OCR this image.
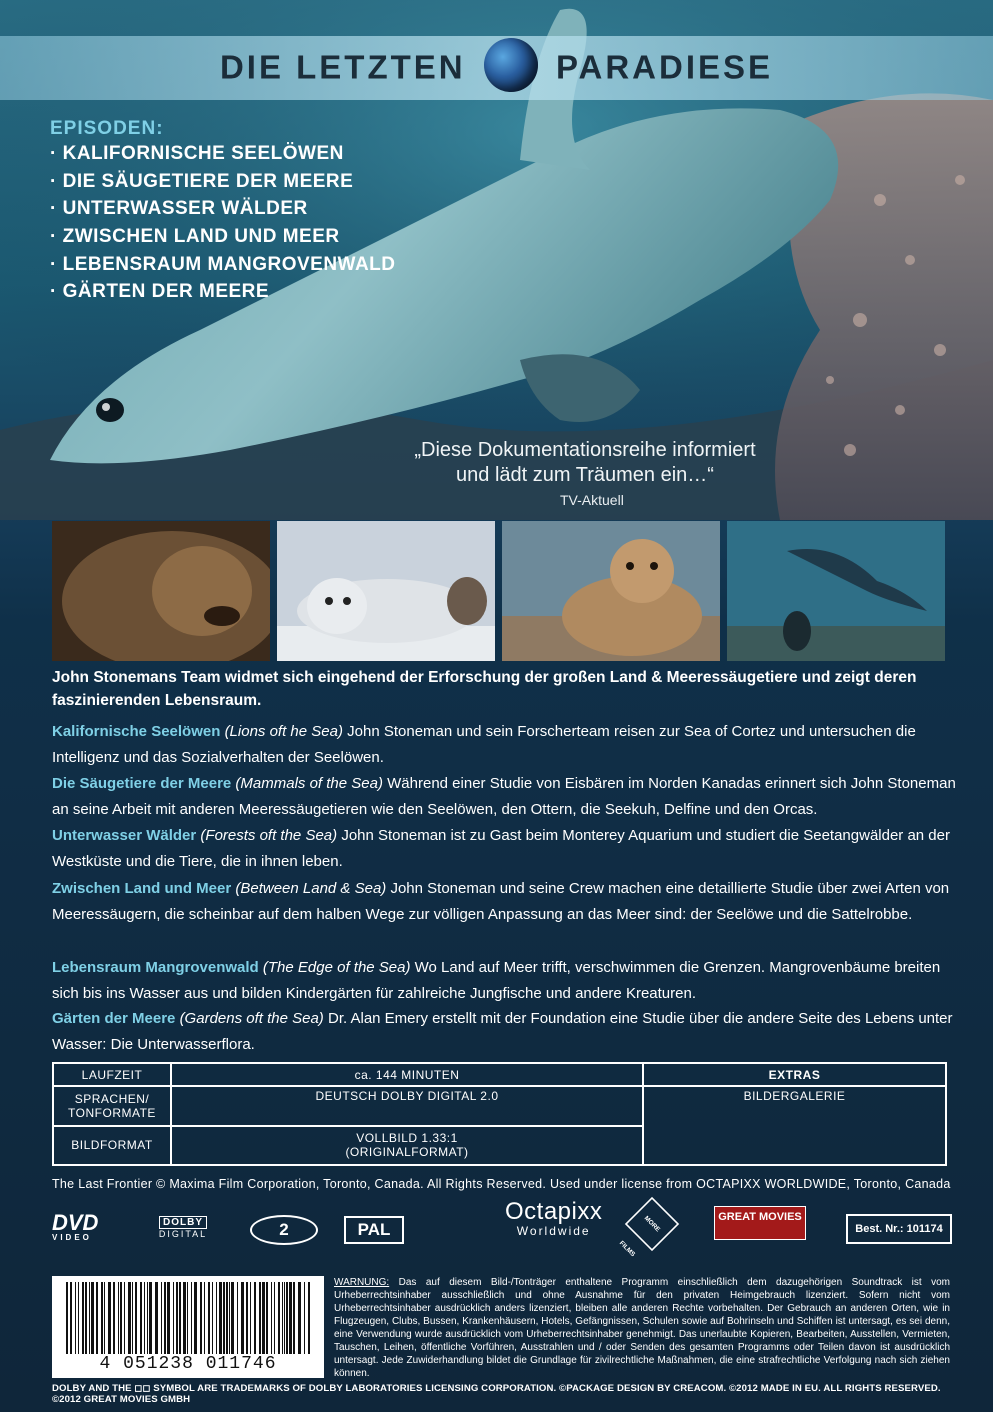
DIE LETZTEN	PARADIESE
EPISODEN:
· KALIFORNISCHE SEELÖWEN
· DIE SÄUGETIERE DER MEERE
· UNTERWASSER WÄLDER
· ZWISCHEN LAND UND MEER
· LEBENSRAUM MANGROVENWALD
· GÄRTEN DER MEERE
„Diese Dokumentationsreihe informiert
und lädt zum Träumen ein…“
TV-Aktuell
John Stonemans Team widmet sich eingehend der Erforschung der großen Land & Meeressäugetiere und zeigt deren faszinierenden Lebensraum.
Kalifornische Seelöwen (Lions oft he Sea) John Stoneman und sein Forscherteam reisen zur Sea of Cortez und untersuchen die Intelligenz und das Sozialverhalten der Seelöwen.
Die Säugetiere der Meere (Mammals of the Sea) Während einer Studie von Eisbären im Norden Kanadas erinnert sich John Stoneman an seine Arbeit mit anderen Meeressäugetieren wie den Seelöwen, den Ottern, die Seekuh, Delfine und den Orcas.
Unterwasser Wälder (Forests oft the Sea) John Stoneman ist zu Gast beim Monterey Aquarium und studiert die Seetangwälder an der Westküste und die Tiere, die in ihnen leben.
Zwischen Land und Meer (Between Land & Sea) John Stoneman und seine Crew machen eine detaillierte Studie über zwei Arten von Meeressäugern, die scheinbar auf dem halben Wege zur völligen Anpassung an das Meer sind: der Seelöwe und die Sattelrobbe.
Lebensraum Mangrovenwald (The Edge of the Sea) Wo Land auf Meer trifft, verschwimmen die Grenzen. Mangrovenbäume breiten sich bis ins Wasser aus und bilden Kindergärten für zahlreiche Jungfische und andere Kreaturen.
Gärten der Meere (Gardens oft the Sea) Dr. Alan Emery erstellt mit der Foundation eine Studie über die andere Seite des Lebens unter Wasser: Die Unterwasserflora.
LAUFZEIT	ca. 144 MINUTEN	EXTRAS
SPRACHEN/ TONFORMATE	DEUTSCH DOLBY DIGITAL 2.0	BILDERGALERIE
BILDFORMAT	VOLLBILD 1.33:1
(ORIGINALFORMAT)	
The Last Frontier © Maxima Film Corporation, Toronto, Canada. All Rights Reserved. Used under license from OCTAPIXX WORLDWIDE, Toronto, Canada
DVD
VIDEO
DOLBY
DIGITAL	2	PAL
Octapixx
Worldwide	MORE FILMS
GREAT MOVIES
Best. Nr.: 101174
4 051238 011746
WARNUNG: Das auf diesem Bild-/Tonträger enthaltene Programm einschließlich dem dazugehörigen Soundtrack ist vom Urheberrechtsinhaber ausschließlich und ohne Ausnahme für den privaten Heimgebrauch lizenziert. Sofern nicht vom Urheberrechtsinhaber ausdrücklich anders lizenziert, bleiben alle anderen Rechte vorbehalten. Der Gebrauch an anderen Orten, wie in Flugzeugen, Clubs, Bussen, Krankenhäusern, Hotels, Gefängnissen, Schulen sowie auf Bohrinseln und Schiffen ist untersagt, es sei denn, eine Verwendung wurde ausdrücklich vom Urheberrechtsinhaber genehmigt. Das unerlaubte Kopieren, Bearbeiten, Ausstellen, Vermieten, Tauschen, Leihen, öffentliche Vorführen, Ausstrahlen und / oder Senden des gesamten Programms oder Teilen davon ist ausdrücklich untersagt. Jede Zuwiderhandlung bildet die Grundlage für zivilrechtliche Maßnahmen, die eine strafrechtliche Verfolgung nach sich ziehen können.
DOLBY AND THE ◻◻ SYMBOL ARE TRADEMARKS OF DOLBY LABORATORIES LICENSING CORPORATION. ©PACKAGE DESIGN BY CREACOM. ©2012 MADE IN EU. ALL RIGHTS RESERVED. ©2012 GREAT MOVIES GMBH
